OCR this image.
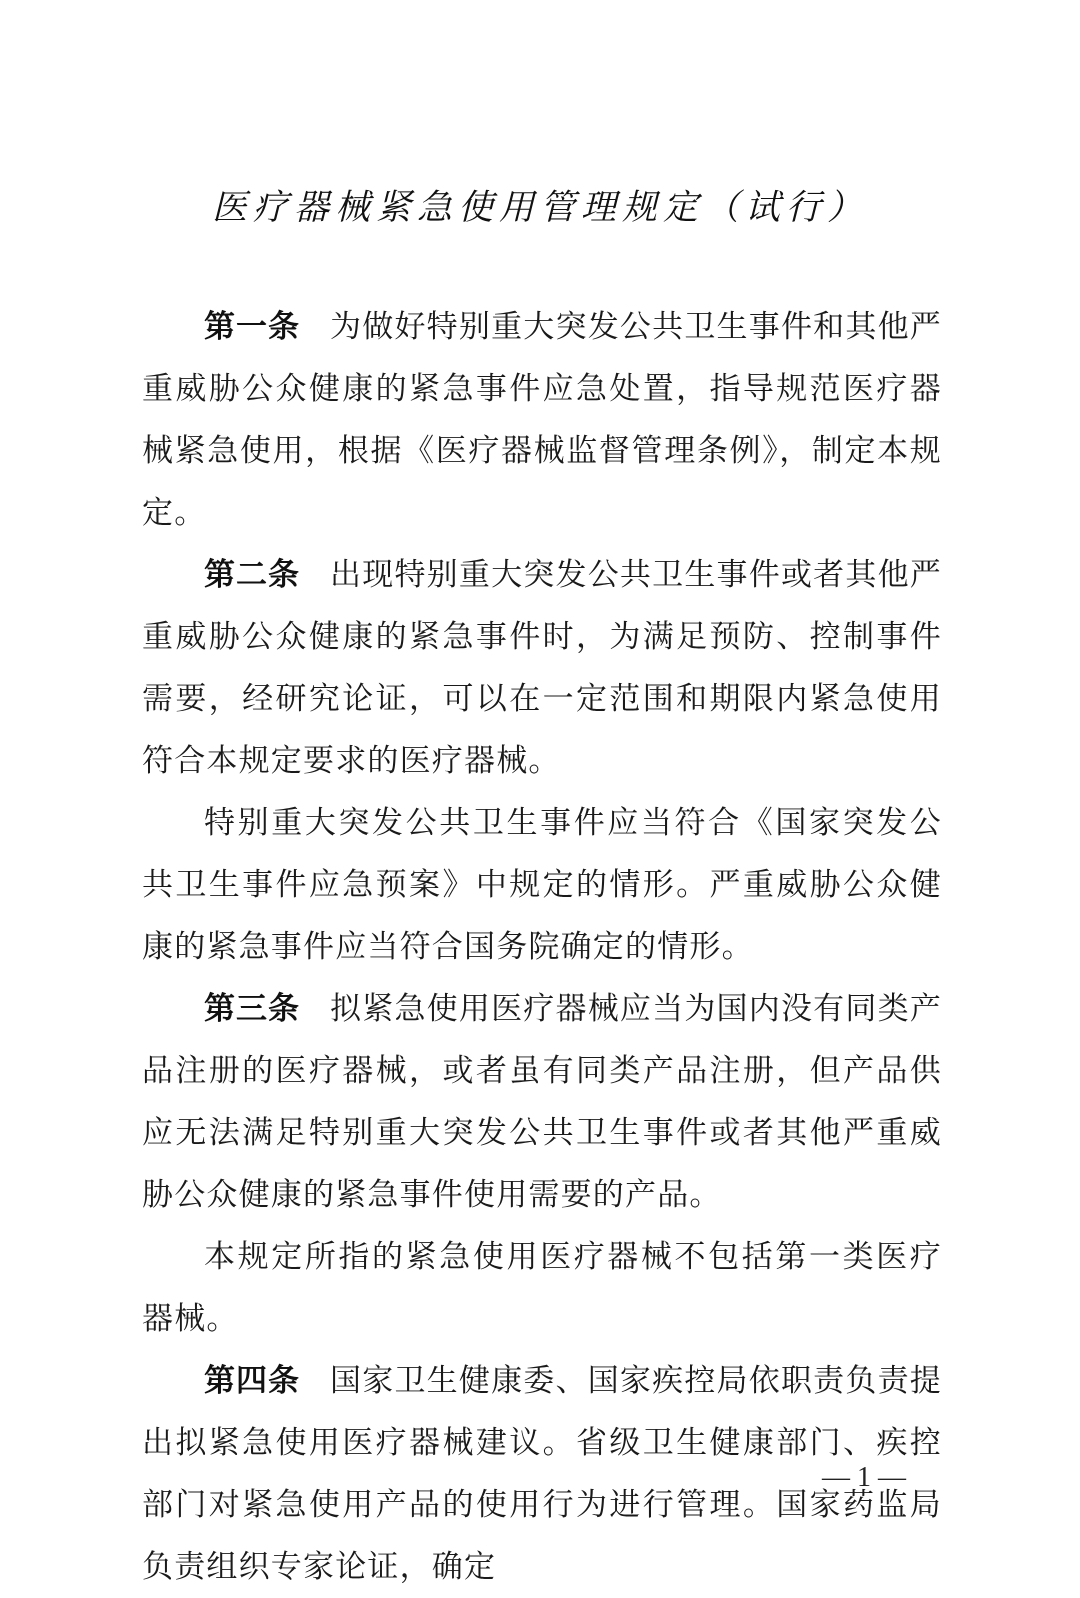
医疗器械紧急使用管理规定（试行）

第一条 为做好特别重大突发公共卫生事件和其他严重威胁公众健康的紧急事件应急处置，指导规范医疗器械紧急使用，根据《医疗器械监督管理条例》，制定本规定。

第二条 出现特别重大突发公共卫生事件或者其他严重威胁公众健康的紧急事件时，为满足预防、控制事件需要，经研究论证，可以在一定范围和期限内紧急使用符合本规定要求的医疗器械。

特别重大突发公共卫生事件应当符合《国家突发公共卫生事件应急预案》中规定的情形。严重威胁公众健康的紧急事件应当符合国务院确定的情形。

第三条 拟紧急使用医疗器械应当为国内没有同类产品注册的医疗器械，或者虽有同类产品注册，但产品供应无法满足特别重大突发公共卫生事件或者其他严重威胁公众健康的紧急事件使用需要的产品。

本规定所指的紧急使用医疗器械不包括第一类医疗器械。

第四条 国家卫生健康委、国家疾控局依职责负责提出拟紧急使用医疗器械建议。省级卫生健康部门、疾控部门对紧急使用产品的使用行为进行管理。国家药监局负责组织专家论证，确定

— 1 —
